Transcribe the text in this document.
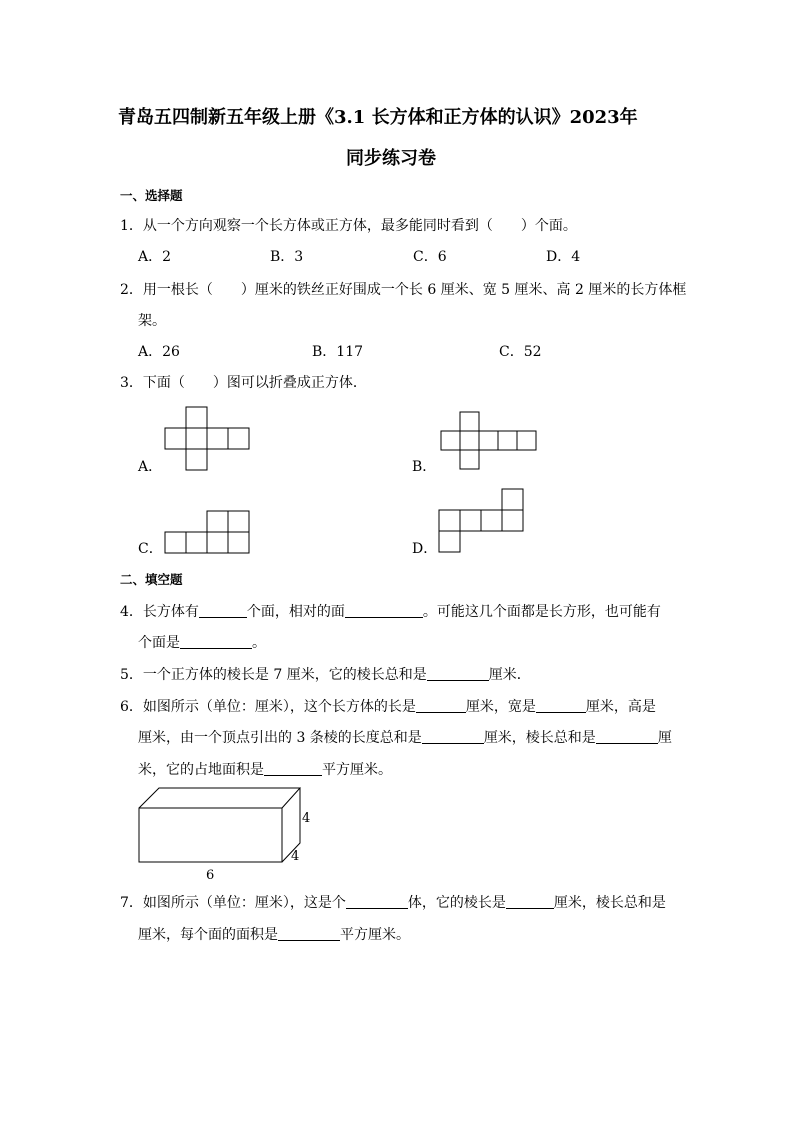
青岛五四制新五年级上册《3.1 长方体和正方体的认识》2023年
同步练习卷
一、选择题
1．从一个方向观察一个长方体或正方体，最多能同时看到（　　）个面。
A．2	B．3	C．6	D．4
2．用一根长（　　）厘米的铁丝正好围成一个长 6 厘米、宽 5 厘米、高 2 厘米的长方体框
架。
A．26	B．117	C．52
3．下面（　　）图可以折叠成正方体．
A．	B．
C．	D．
二、填空题
4．长方体有	个面，相对的面	。可能这几个面都是长方形，也可能有
个面是	。
5．一个正方体的棱长是 7 厘米，它的棱长总和是	厘米．
6．如图所示（单位：厘米），这个长方体的长是	厘米，宽是	厘米，高是
厘米，由一个顶点引出的 3 条棱的长度总和是	厘米，棱长总和是	厘
米，它的占地面积是	平方厘米。
4
4
6
7．如图所示（单位：厘米），这是个	体，它的棱长是	厘米，棱长总和是
厘米，每个面的面积是	平方厘米。
